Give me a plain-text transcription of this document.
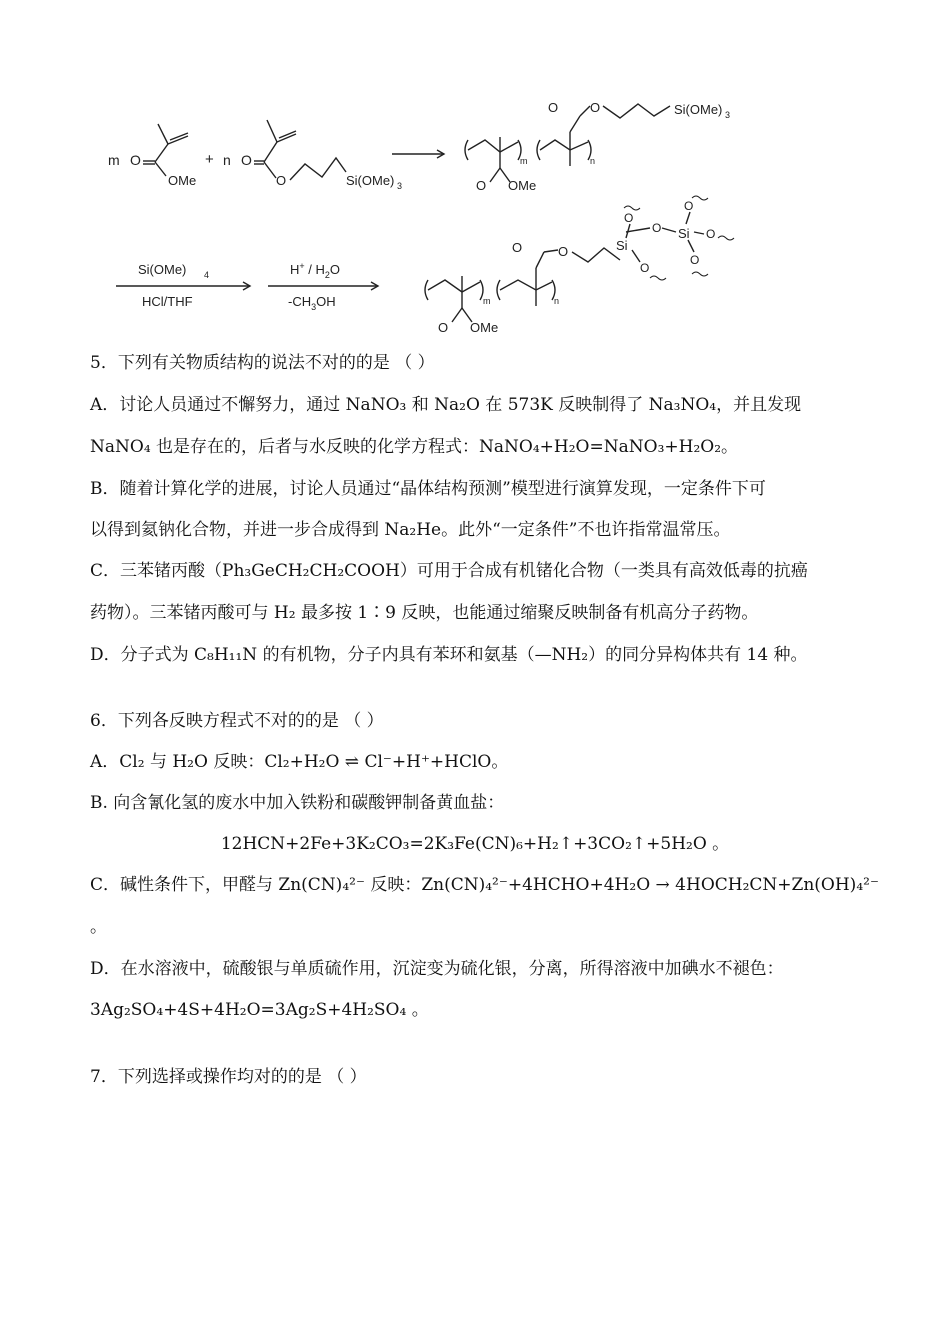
m O
OMe
+ n O
O	Si(OMe) 3
m	n
O OMe
O O	Si(OMe) 3
Si(OMe) 4
HCl/THF
$H^+ / H_2O$
$-CH_3OH$	m	n
O OMe
O	O	Si
O
O Si
O
O
O
O
5．下列有关物质结构的说法不对的的是 （ ）
A．讨论人员通过不懈努力，通过 NaNO₃ 和 Na₂O 在 573K 反映制得了 Na₃NO₄，并且发现
NaNO₄ 也是存在的，后者与水反映的化学方程式：NaNO₄+H₂O=NaNO₃+H₂O₂。
B．随着计算化学的进展，讨论人员通过“晶体结构预测”模型进行演算发现，一定条件下可
以得到氦钠化合物，并进一步合成得到 Na₂He。此外“一定条件”不也许指常温常压。
C．三苯锗丙酸（Ph₃GeCH₂CH₂COOH）可用于合成有机锗化合物（一类具有高效低毒的抗癌
药物）。三苯锗丙酸可与 H₂ 最多按 1∶9 反映，也能通过缩聚反映制备有机高分子药物。
D．分子式为 C₈H₁₁N 的有机物，分子内具有苯环和氨基（—NH₂）的同分异构体共有 14 种。
6．下列各反映方程式不对的的是 （ ）
A．Cl₂ 与 H₂O 反映：Cl₂+H₂O ⇌ Cl⁻+H⁺+HClO。
B. 向含氰化氢的废水中加入铁粉和碳酸钾制备黄血盐：
12HCN+2Fe+3K₂CO₃=2K₃Fe(CN)₆+H₂↑+3CO₂↑+5H₂O 。
C．碱性条件下，甲醛与 Zn(CN)₄²⁻ 反映：Zn(CN)₄²⁻+4HCHO+4H₂O → 4HOCH₂CN+Zn(OH)₄²⁻
。
D．在水溶液中，硫酸银与单质硫作用，沉淀变为硫化银，分离，所得溶液中加碘水不褪色：
3Ag₂SO₄+4S+4H₂O=3Ag₂S+4H₂SO₄ 。
7．下列选择或操作均对的的是 （ ）
